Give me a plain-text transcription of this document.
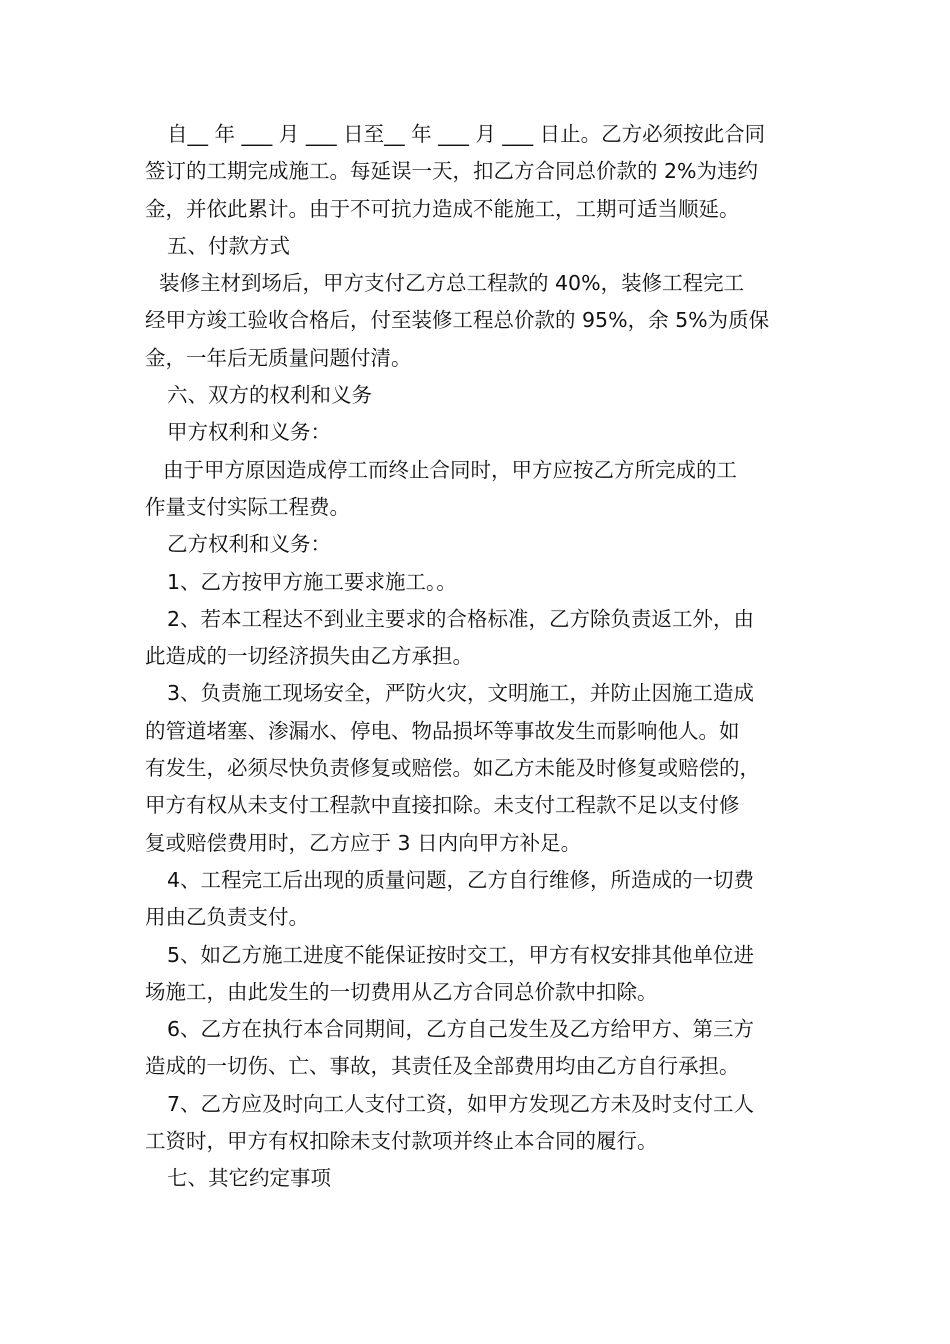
自__ 年 ___ 月 ___ 日至__ 年 ___ 月 ___ 日止。乙方必须按此合同
签订的工期完成施工。每延误一天，扣乙方合同总价款的 2%为违约
金，并依此累计。由于不可抗力造成不能施工，工期可适当顺延。
五、付款方式
装修主材到场后，甲方支付乙方总工程款的 40%，装修工程完工
经甲方竣工验收合格后，付至装修工程总价款的 95%，余 5%为质保
金，一年后无质量问题付清。
六、双方的权利和义务
甲方权利和义务：
由于甲方原因造成停工而终止合同时，甲方应按乙方所完成的工
作量支付实际工程费。
乙方权利和义务：
1、乙方按甲方施工要求施工。。
2、若本工程达不到业主要求的合格标准，乙方除负责返工外，由
此造成的一切经济损失由乙方承担。
3、负责施工现场安全，严防火灾，文明施工，并防止因施工造成
的管道堵塞、渗漏水、停电、物品损坏等事故发生而影响他人。如
有发生，必须尽快负责修复或赔偿。如乙方未能及时修复或赔偿的，
甲方有权从未支付工程款中直接扣除。未支付工程款不足以支付修
复或赔偿费用时，乙方应于 3 日内向甲方补足。
4、工程完工后出现的质量问题，乙方自行维修，所造成的一切费
用由乙负责支付。
5、如乙方施工进度不能保证按时交工，甲方有权安排其他单位进
场施工，由此发生的一切费用从乙方合同总价款中扣除。
6、乙方在执行本合同期间，乙方自己发生及乙方给甲方、第三方
造成的一切伤、亡、事故，其责任及全部费用均由乙方自行承担。
7、乙方应及时向工人支付工资，如甲方发现乙方未及时支付工人
工资时，甲方有权扣除未支付款项并终止本合同的履行。
七、其它约定事项
